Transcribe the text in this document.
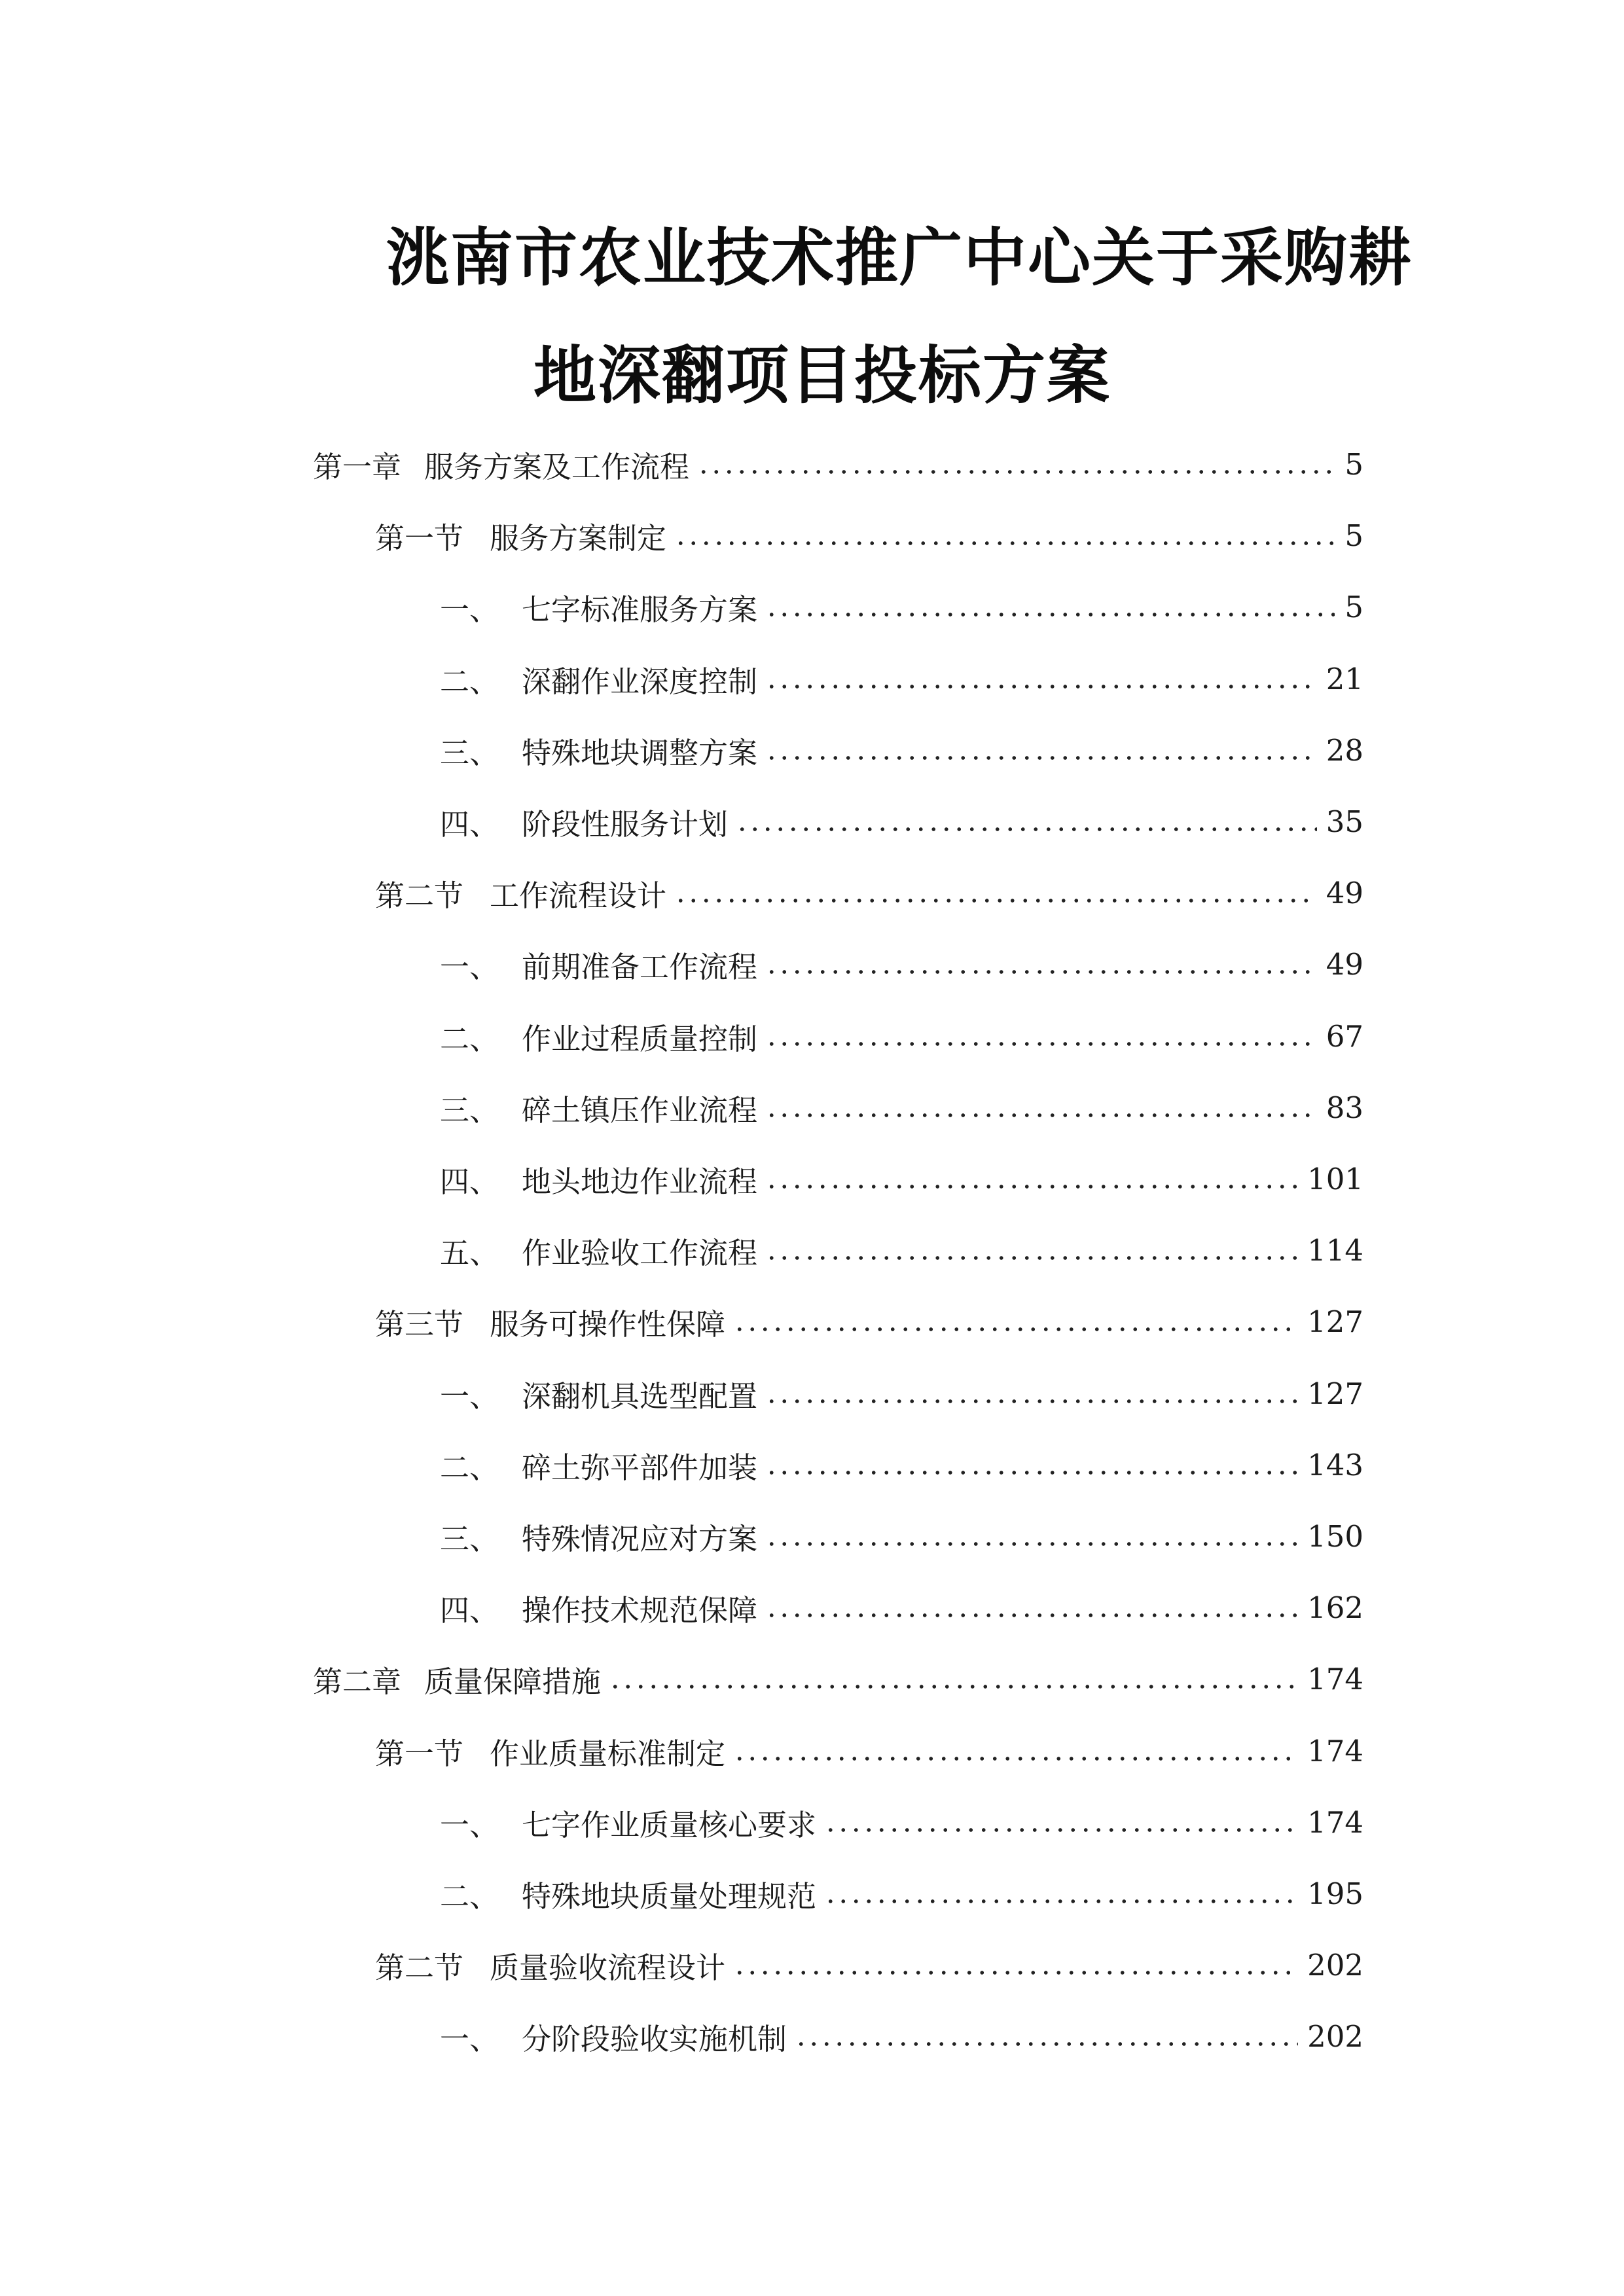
洮南市农业技术推广中心关于采购耕
地深翻项目投标方案
第一章 服务方案及工作流程	5
第一节 服务方案制定	5
一、 七字标准服务方案	5
二、 深翻作业深度控制	21
三、 特殊地块调整方案	28
四、 阶段性服务计划	35
第二节 工作流程设计	49
一、 前期准备工作流程	49
二、 作业过程质量控制	67
三、 碎土镇压作业流程	83
四、 地头地边作业流程	101
五、 作业验收工作流程	114
第三节 服务可操作性保障	127
一、 深翻机具选型配置	127
二、 碎土弥平部件加装	143
三、 特殊情况应对方案	150
四、 操作技术规范保障	162
第二章 质量保障措施	174
第一节 作业质量标准制定	174
一、 七字作业质量核心要求	174
二、 特殊地块质量处理规范	195
第二节 质量验收流程设计	202
一、 分阶段验收实施机制	202
